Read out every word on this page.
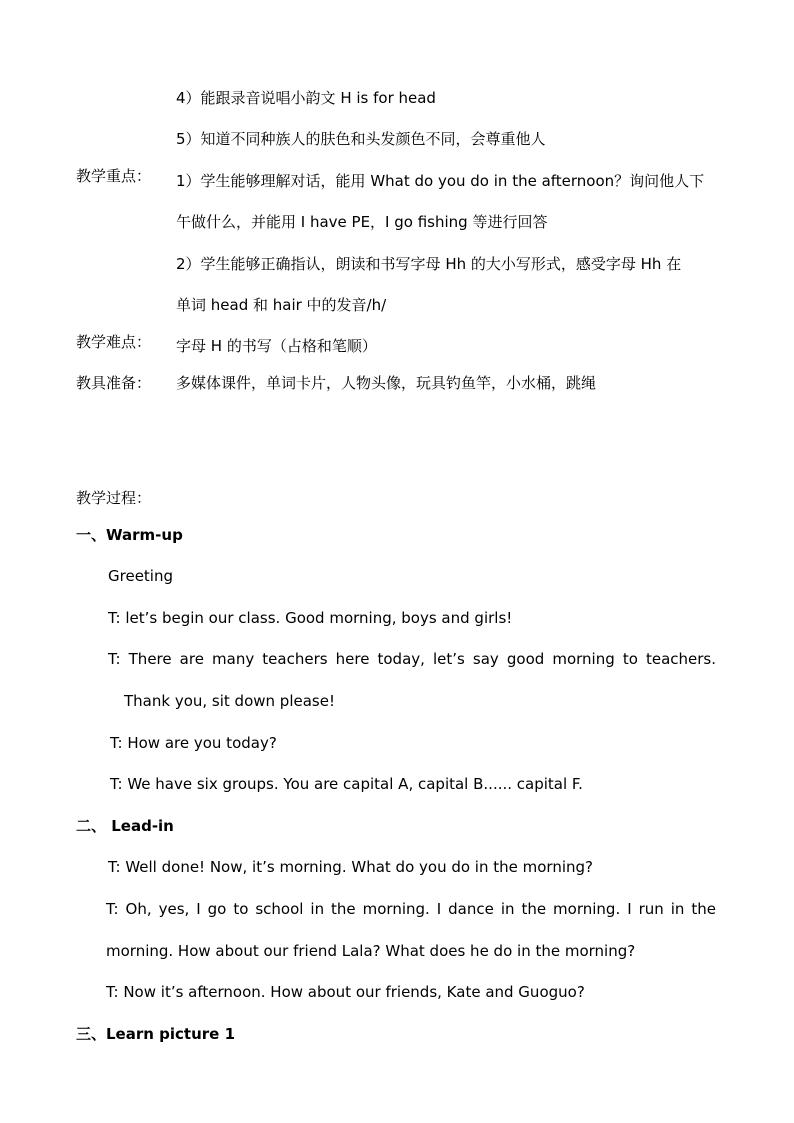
4）能跟录音说唱小韵文 H is for head
5）知道不同种族人的肤色和头发颜色不同，会尊重他人
教学重点： 1）学生能够理解对话，能用 What do you do in the afternoon？询问他人下
午做什么，并能用 I have PE，I go fishing 等进行回答
2）学生能够正确指认，朗读和书写字母 Hh 的大小写形式，感受字母 Hh 在
单词 head 和 hair 中的发音/h/
教学难点： 字母 H 的书写（占格和笔顺）
教具准备： 多媒体课件，单词卡片，人物头像，玩具钓鱼竿，小水桶，跳绳
教学过程：
一、Warm-up
Greeting
T: let’s begin our class. Good morning, boys and girls!
T: There are many teachers here today, let’s say good morning to teachers.
Thank you, sit down please!
T: How are you today?
T: We have six groups. You are capital A, capital B...... capital F.
二、 Lead-in
T: Well done! Now, it’s morning. What do you do in the morning?
T: Oh, yes, I go to school in the morning. I dance in the morning. I run in the
morning. How about our friend Lala? What does he do in the morning?
T: Now it’s afternoon. How about our friends, Kate and Guoguo?
三、Learn picture 1
